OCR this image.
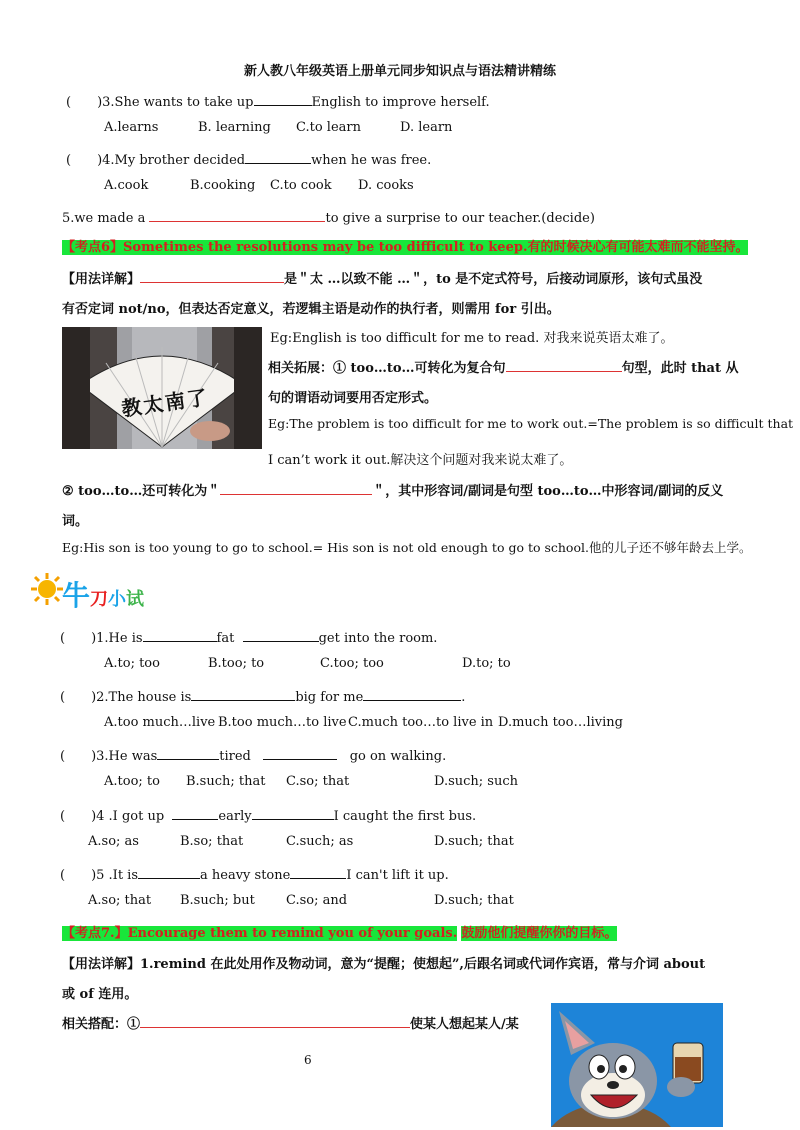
新人教八年级英语上册单元同步知识点与语法精讲精练
(　　)3.She wants to take up	English to improve herself.
A.learns	B. learning C.to learn	D. learn
(　　)4.My brother decided	when he was free.
A.cook	B.cooking C.to cook D. cooks
5.we made a	to give a surprise to our teacher.(decide)
【考点6】Sometimes the resolutions may be too difficult to keep.有的时候决心有可能太难而不能坚持。
【用法详解】	是＂太 …以致不能 …＂，to 是不定式符号，后接动词原形，该句式虽没
有否定词 not/no，但表达否定意义，若逻辑主语是动作的执行者，则需用 for 引出。
教太南了
Eg:English is too difficult for me to read. 对我来说英语太难了。
相关拓展：① too…to…可转化为复合句	句型，此时 that 从
句的谓语动词要用否定形式。
Eg:The problem is too difficult for me to work out.=The problem is so difficult that
I can’t work it out.解决这个问题对我来说太难了。
② too…to…还可转化为＂	＂，其中形容词/副词是句型 too…to…中形容词/副词的反义
词。
Eg:His son is too young to go to school.= His son is not old enough to go to school.他的儿子还不够年龄去上学。
牛刀小试
(　　)1.He is	fat	get into the room.
A.to; too	B.too; to	C.too; too	D.to; to
(　　)2.The house is	big for me	.
A.too much…live B.too much…to live C.much too…to live in D.much too…living
(　　)3.He was	tired	go on walking.
A.too; to B.such; that C.so; that	D.such; such
(　　)4 .I got up	early	I caught the first bus.
A.so; as	B.so; that	C.such; as	D.such; that
(　　)5 .It is	a heavy stone	I can't lift it up.
A.so; that B.such; but C.so; and	D.such; that
【考点7.】Encourage them to remind you of your goals. 鼓励他们提醒你你的目标。
【用法详解】1.remind 在此处用作及物动词，意为“提醒；使想起”,后跟名词或代词作宾语，常与介词 about
或 of 连用。
相关搭配：①	使某人想起某人/某
6
